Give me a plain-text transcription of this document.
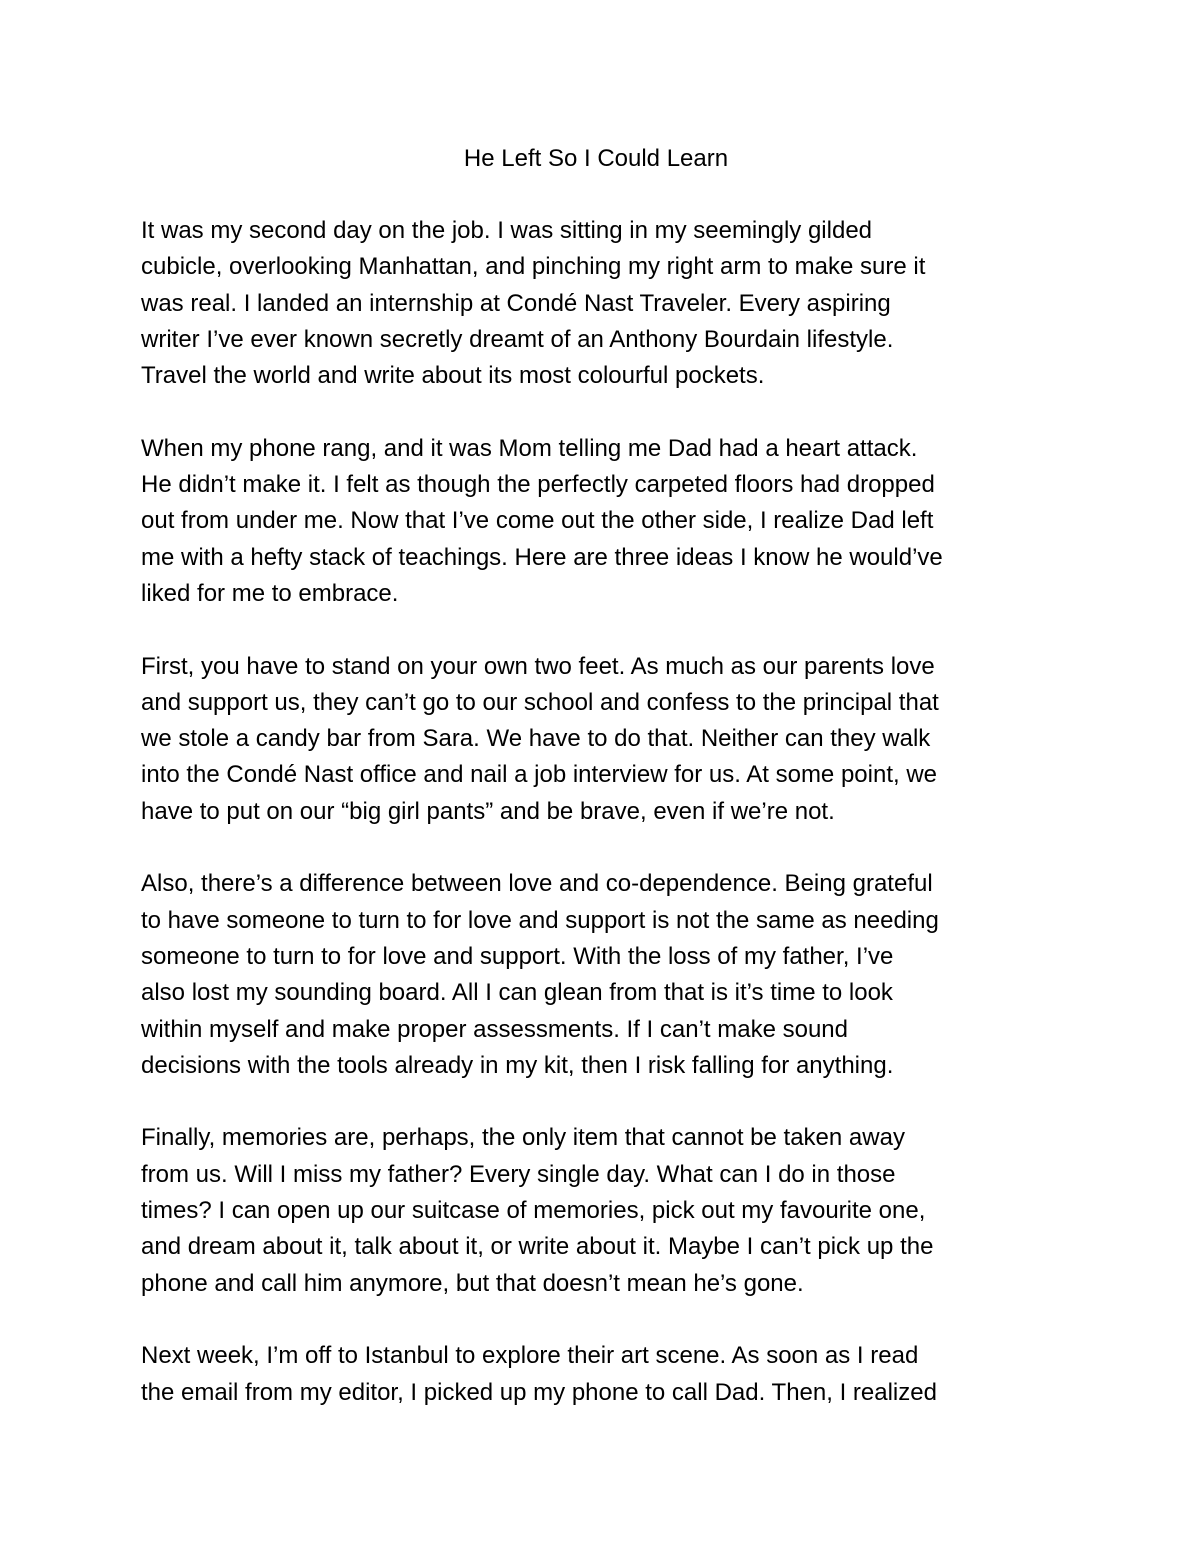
He Left So I Could Learn
It was my second day on the job. I was sitting in my seemingly gilded
cubicle, overlooking Manhattan, and pinching my right arm to make sure it
was real. I landed an internship at Condé Nast Traveler. Every aspiring
writer I’ve ever known secretly dreamt of an Anthony Bourdain lifestyle.
Travel the world and write about its most colourful pockets.
When my phone rang, and it was Mom telling me Dad had a heart attack.
He didn’t make it. I felt as though the perfectly carpeted floors had dropped
out from under me. Now that I’ve come out the other side, I realize Dad left
me with a hefty stack of teachings. Here are three ideas I know he would’ve
liked for me to embrace.
First, you have to stand on your own two feet. As much as our parents love
and support us, they can’t go to our school and confess to the principal that
we stole a candy bar from Sara. We have to do that. Neither can they walk
into the Condé Nast office and nail a job interview for us. At some point, we
have to put on our “big girl pants” and be brave, even if we’re not.
Also, there’s a difference between love and co-dependence. Being grateful
to have someone to turn to for love and support is not the same as needing
someone to turn to for love and support. With the loss of my father, I’ve
also lost my sounding board. All I can glean from that is it’s time to look
within myself and make proper assessments. If I can’t make sound
decisions with the tools already in my kit, then I risk falling for anything.
Finally, memories are, perhaps, the only item that cannot be taken away
from us. Will I miss my father? Every single day. What can I do in those
times? I can open up our suitcase of memories, pick out my favourite one,
and dream about it, talk about it, or write about it. Maybe I can’t pick up the
phone and call him anymore, but that doesn’t mean he’s gone.
Next week, I’m off to Istanbul to explore their art scene. As soon as I read
the email from my editor, I picked up my phone to call Dad. Then, I realized
